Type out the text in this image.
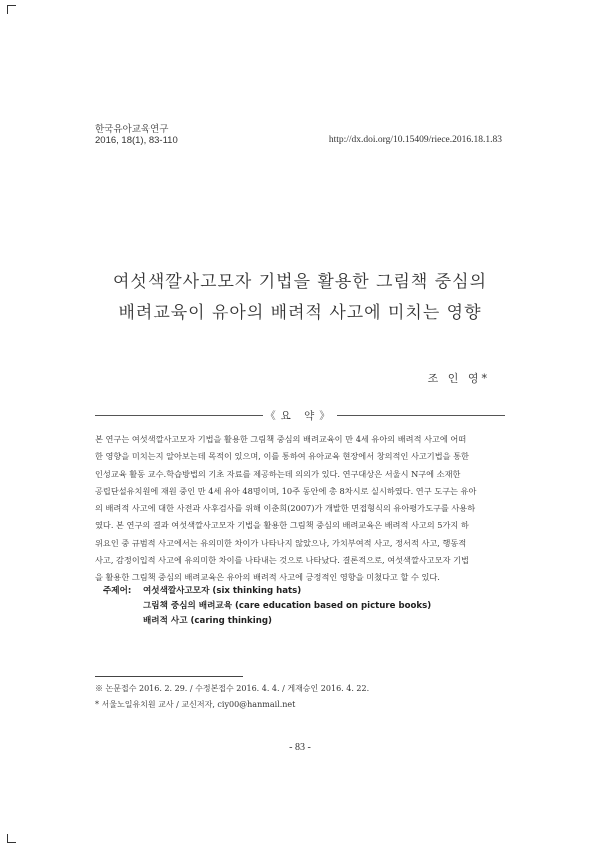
한국유아교육연구
2016, 18(1), 83-110	http://dx.doi.org/10.15409/riece.2016.18.1.83
여섯색깔사고모자 기법을 활용한 그림책 중심의
배려교육이 유아의 배려적 사고에 미치는 영향
조 인 영*
《요 약》
본 연구는 여섯색깔사고모자 기법을 활용한 그림책 중심의 배려교육이 만 4세 유아의 배려적 사고에 어떠
한 영향을 미치는지 알아보는데 목적이 있으며, 이를 통하여 유아교육 현장에서 창의적인 사고기법을 통한
인성교육 활동 교수․학습방법의 기초 자료를 제공하는데 의의가 있다. 연구대상은 서울시 N구에 소재한
공립단설유치원에 재원 중인 만 4세 유아 48명이며, 10주 동안에 총 8차시로 실시하였다. 연구 도구는 유아
의 배려적 사고에 대한 사전과 사후검사를 위해 이춘희(2007)가 개발한 면접형식의 유아평가도구를 사용하
였다. 본 연구의 결과 여섯색깔사고모자 기법을 활용한 그림책 중심의 배려교육은 배려적 사고의 5가지 하
위요인 중 규범적 사고에서는 유의미한 차이가 나타나지 않았으나, 가치부여적 사고, 정서적 사고, 행동적
사고, 감정이입적 사고에 유의미한 차이를 나타내는 것으로 나타났다. 결론적으로, 여섯색깔사고모자 기법
을 활용한 그림책 중심의 배려교육은 유아의 배려적 사고에 긍정적인 영향을 미쳤다고 할 수 있다.
주제어: 여섯색깔사고모자 (six thinking hats)
그림책 중심의 배려교육 (care education based on picture books)
배려적 사고 (caring thinking)
※ 논문접수 2016. 2. 29. / 수정본접수 2016. 4. 4. / 게재승인 2016. 4. 22.
* 서울노일유치원 교사 / 교신저자, ciy00@hanmail.net
- 83 -
